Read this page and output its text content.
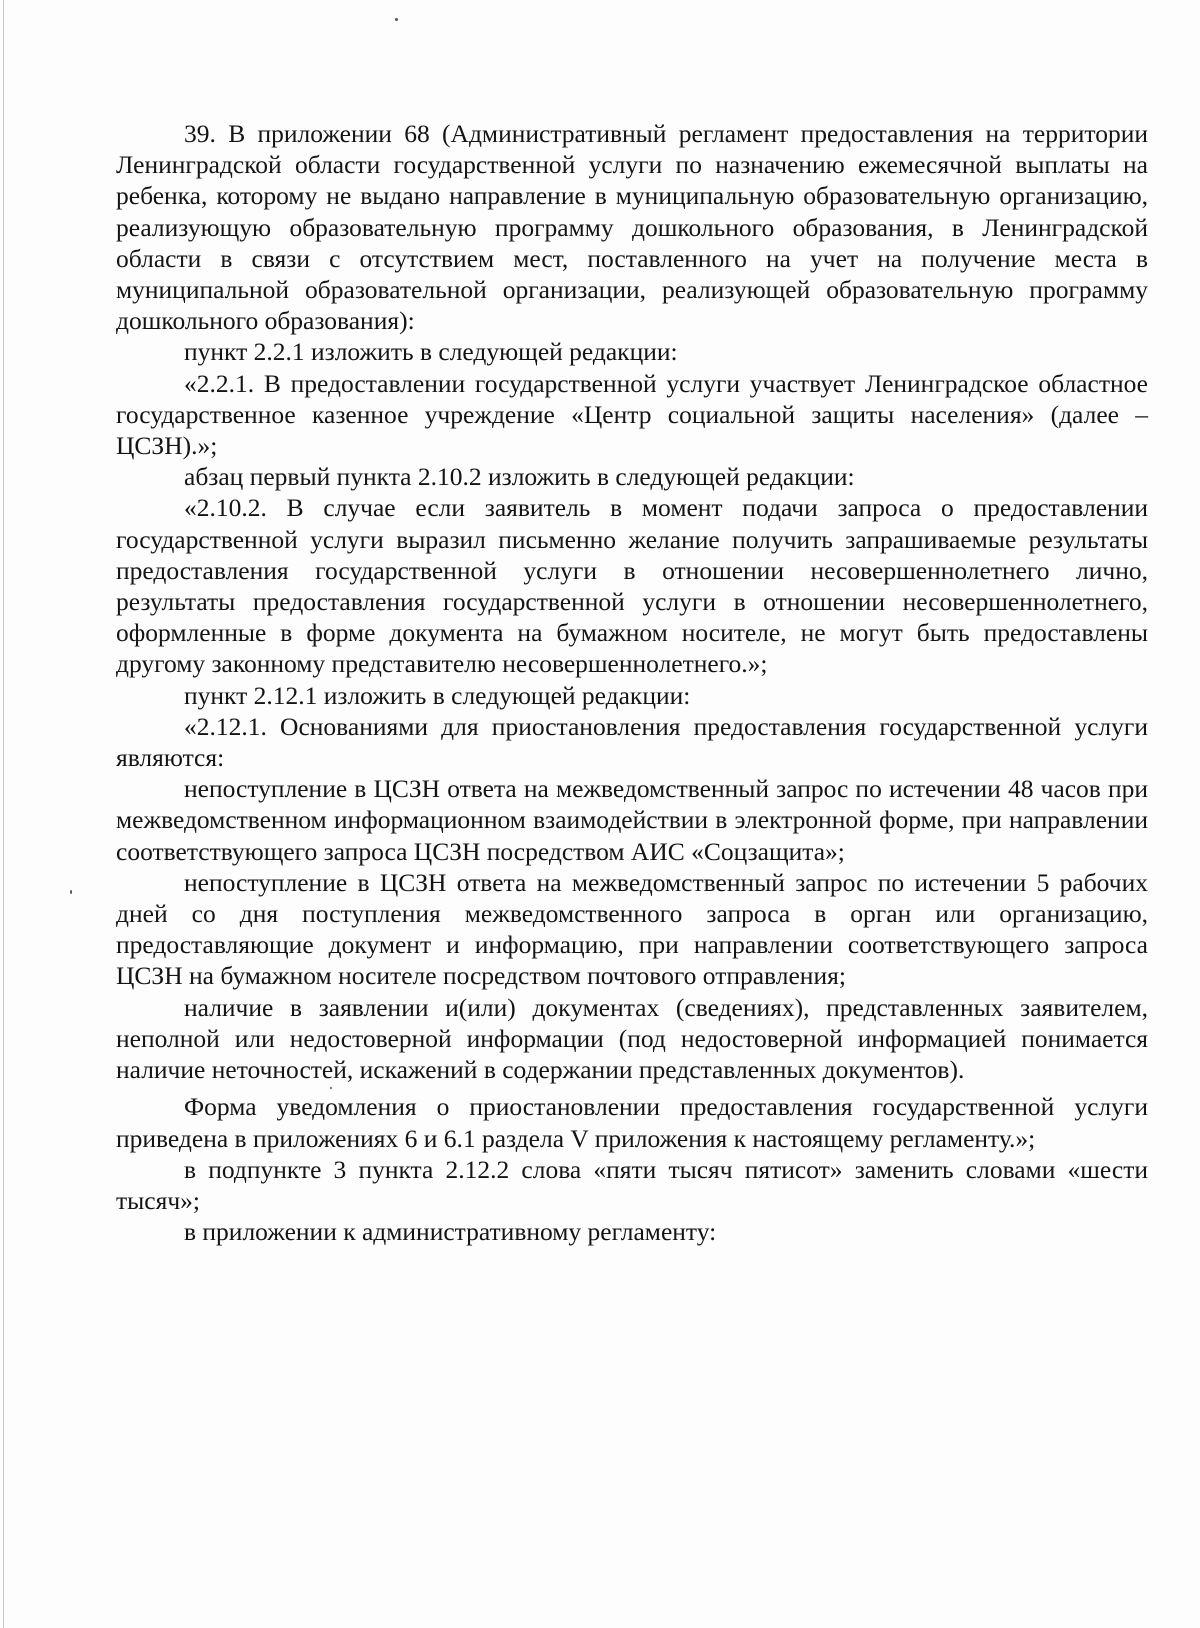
39. В приложении 68 (Административный регламент предоставления на территории Ленинградской области государственной услуги по назначению ежемесячной выплаты на ребенка, которому не выдано направление в муниципальную образовательную организацию, реализующую образовательную программу дошкольного образования, в Ленинградской области в связи с отсутствием мест, поставленного на учет на получение места в муниципальной образовательной организации, реализующей образовательную программу дошкольного образования):

пункт 2.2.1 изложить в следующей редакции:

«2.2.1. В предоставлении государственной услуги участвует Ленинградское областное государственное казенное учреждение «Центр социальной защиты населения» (далее – ЦСЗН).»;

абзац первый пункта 2.10.2 изложить в следующей редакции:

«2.10.2. В случае если заявитель в момент подачи запроса о предоставлении государственной услуги выразил письменно желание получить запрашиваемые результаты предоставления государственной услуги в отношении несовершеннолетнего лично, результаты предоставления государственной услуги в отношении несовершеннолетнего, оформленные в форме документа на бумажном носителе, не могут быть предоставлены другому законному представителю несовершеннолетнего.»;

пункт 2.12.1 изложить в следующей редакции:

«2.12.1. Основаниями для приостановления предоставления государственной услуги являются:

непоступление в ЦСЗН ответа на межведомственный запрос по истечении 48 часов при межведомственном информационном взаимодействии в электронной форме, при направлении соответствующего запроса ЦСЗН посредством АИС «Соцзащита»;

непоступление в ЦСЗН ответа на межведомственный запрос по истечении 5 рабочих дней со дня поступления межведомственного запроса в орган или организацию, предоставляющие документ и информацию, при направлении соответствующего запроса ЦСЗН на бумажном носителе посредством почтового отправления;

наличие в заявлении и(или) документах (сведениях), представленных заявителем, неполной или недостоверной информации (под недостоверной информацией понимается наличие неточностей, искажений в содержании представленных документов).

Форма уведомления о приостановлении предоставления государственной услуги приведена в приложениях 6 и 6.1 раздела V приложения к настоящему регламенту.»;

в подпункте 3 пункта 2.12.2 слова «пяти тысяч пятисот» заменить словами «шести тысяч»;

в приложении к административному регламенту:
